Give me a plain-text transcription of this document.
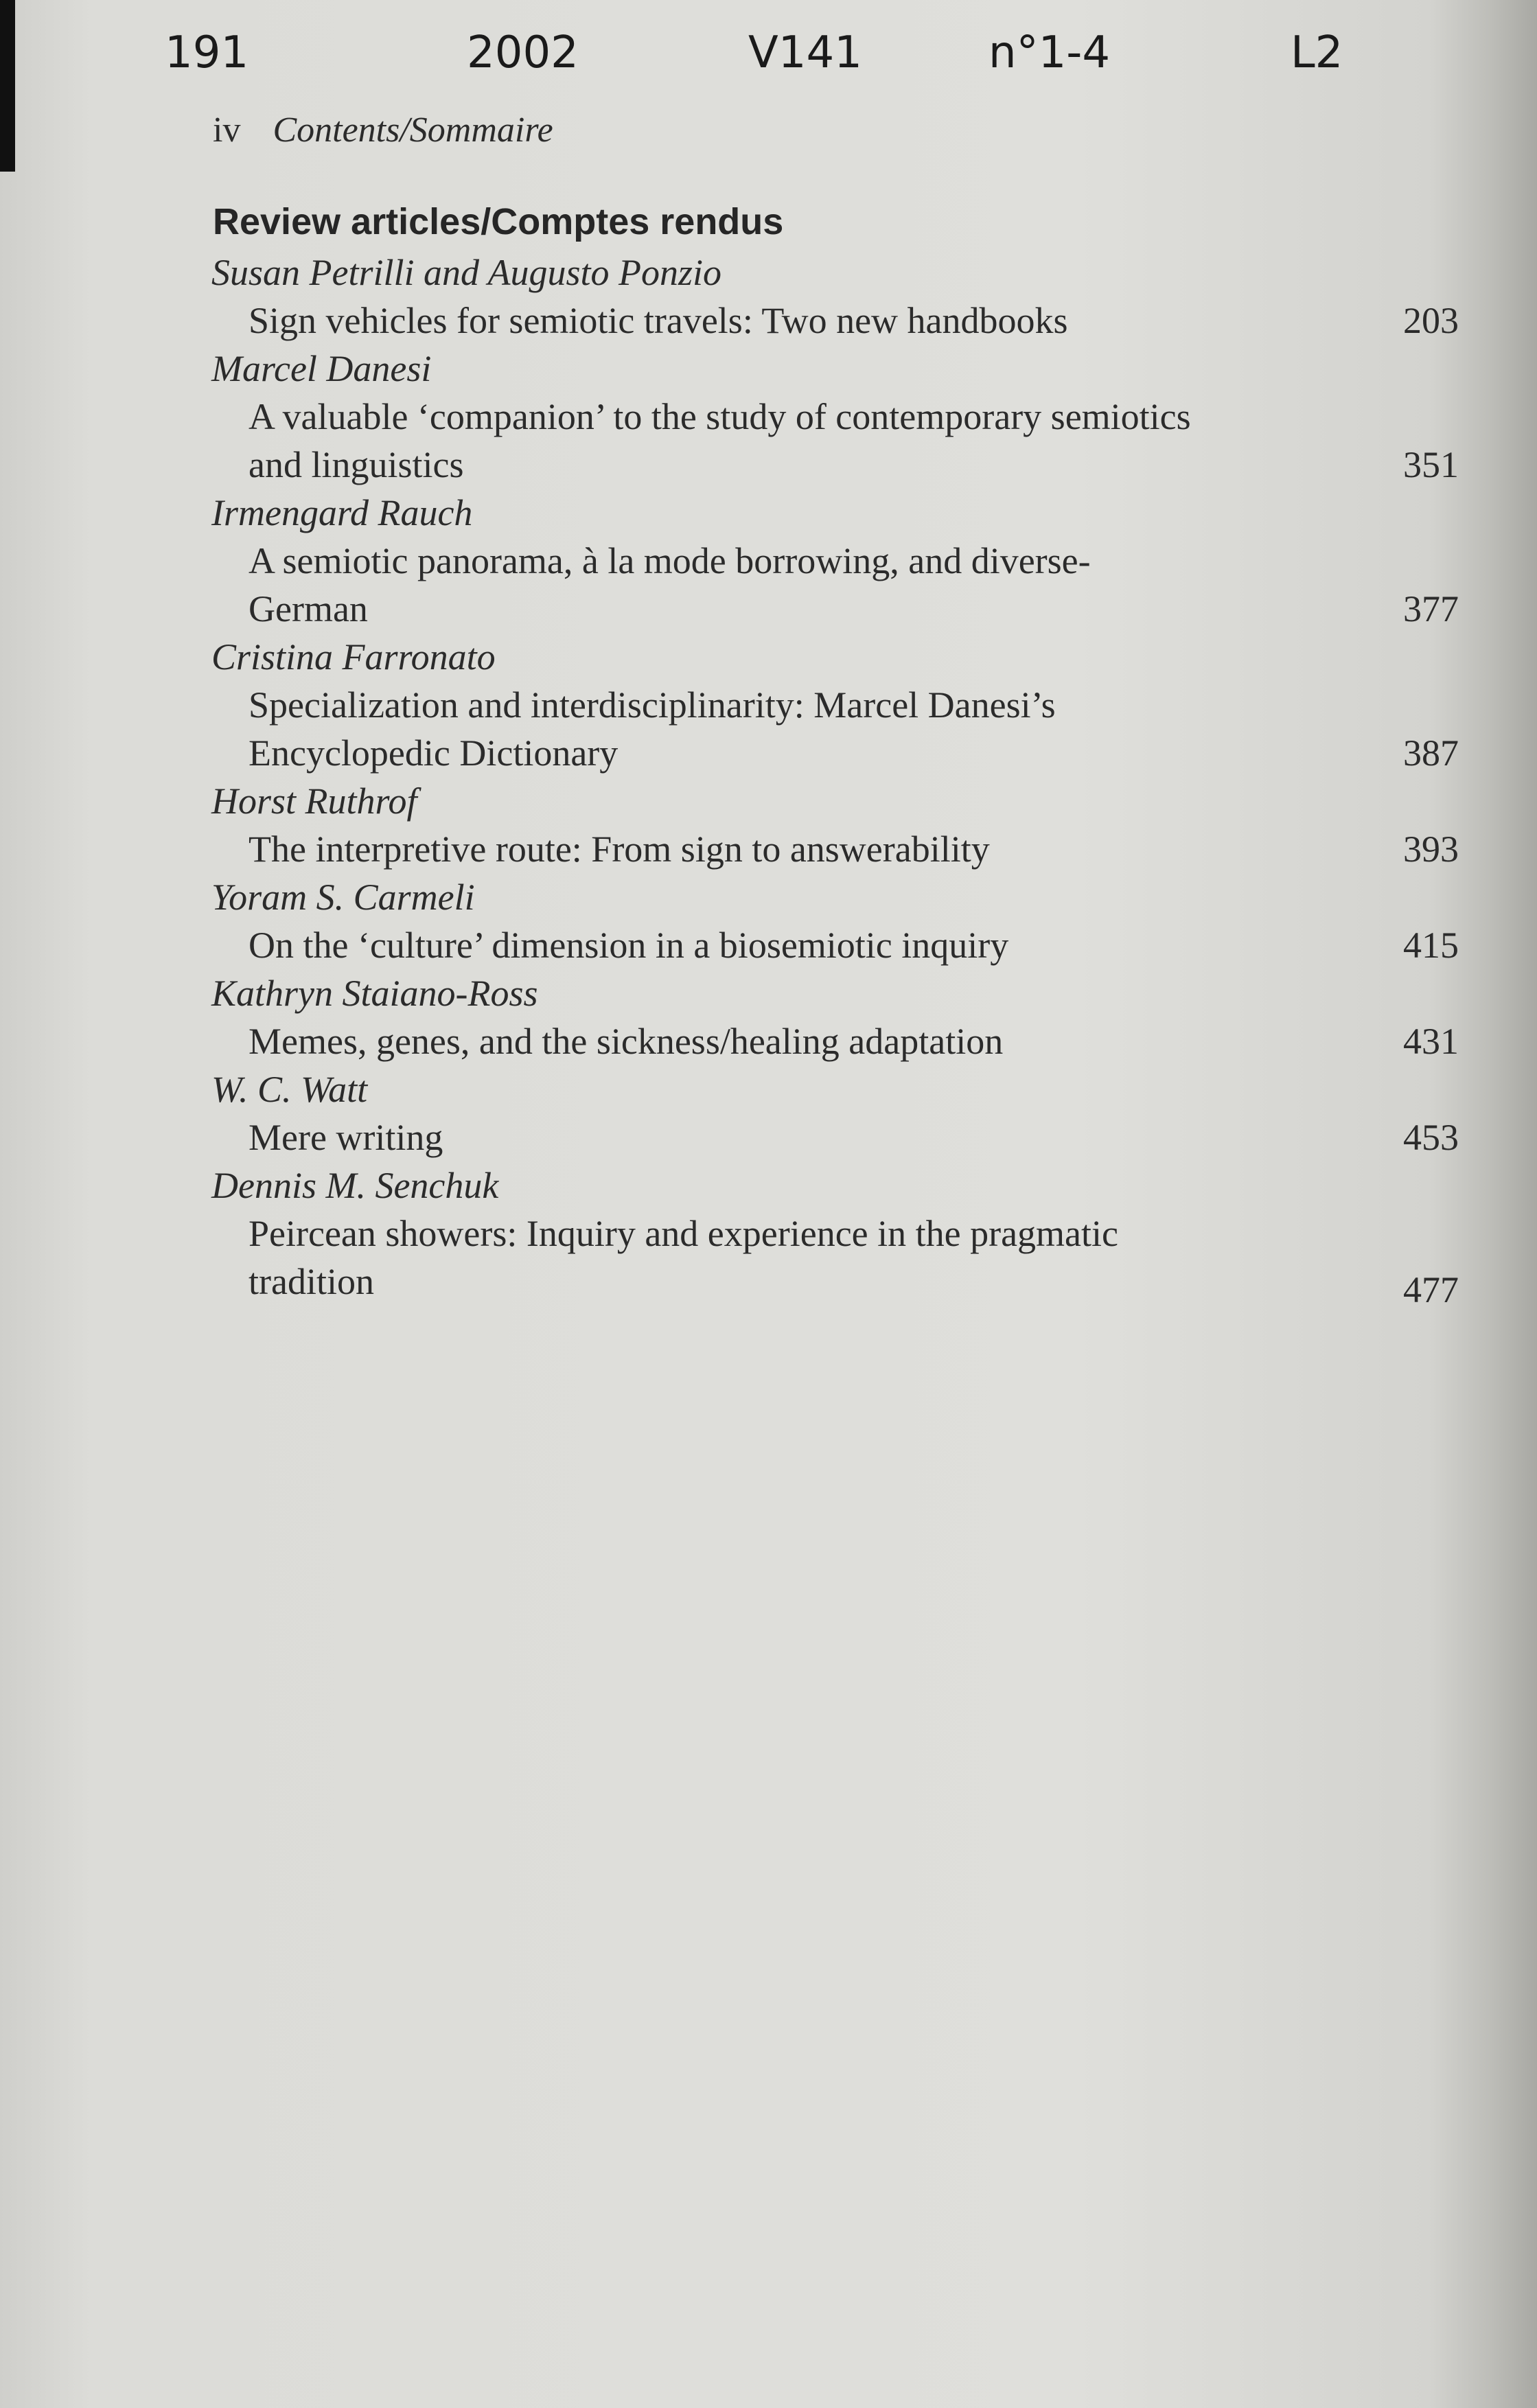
191	2002	V141	n°1-4	L2
iv Contents/Sommaire
Review articles/Comptes rendus
Susan Petrilli and Augusto Ponzio
Sign vehicles for semiotic travels: Two new handbooks	203
Marcel Danesi
A valuable ‘companion’ to the study of contemporary semiotics
and linguistics	351
Irmengard Rauch
A semiotic panorama, à la mode borrowing, and diverse-
German	377
Cristina Farronato
Specialization and interdisciplinarity: Marcel Danesi’s
Encyclopedic Dictionary	387
Horst Ruthrof
The interpretive route: From sign to answerability	393
Yoram S. Carmeli
On the ‘culture’ dimension in a biosemiotic inquiry	415
Kathryn Staiano-Ross
Memes, genes, and the sickness/healing adaptation	431
W. C. Watt
Mere writing	453
Dennis M. Senchuk
Peircean showers: Inquiry and experience in the pragmatic
tradition	477
